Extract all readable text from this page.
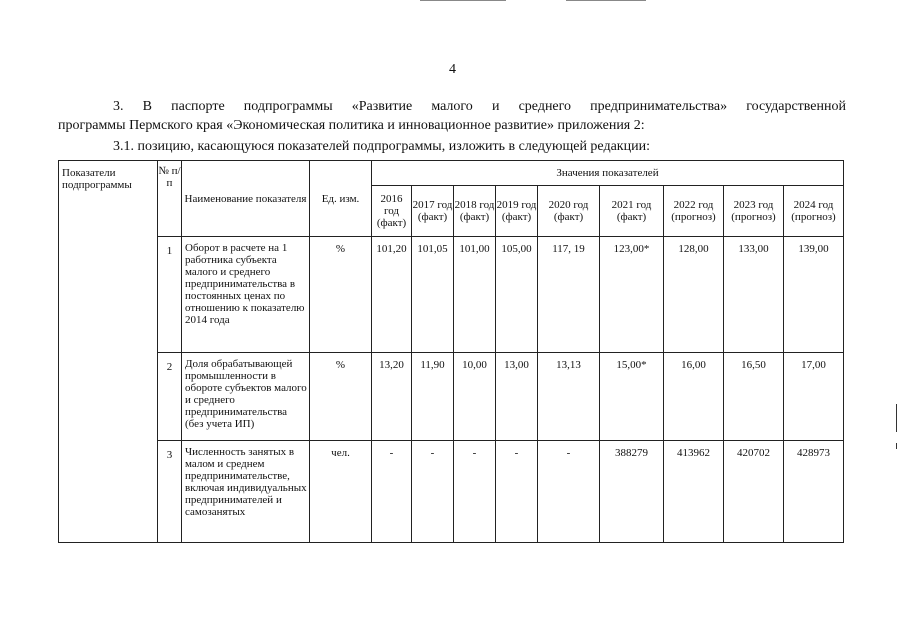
4
3. В паспорте подпрограммы «Развитие малого и среднего предпринимательства» государственной
программы Пермского края «Экономическая политика и инновационное развитие» приложения 2:
3.1. позицию, касающуюся показателей подпрограммы, изложить в следующей редакции:
Показатели подпрограммы	№ п/п	Наименование показателя	Ед. изм.	Значения показателей								
				2016 год (факт)	2017 год (факт)	2018 год (факт)	2019 год (факт)	2020 год (факт)	2021 год (факт)	2022 год (прогноз)	2023 год (прогноз)	2024 год (прогноз)
	1	Оборот в расчете на 1 работника субъекта малого и среднего предпринимательства в постоянных ценах по отношению к показателю 2014 года	%	101,20	101,05	101,00	105,00	117, 19	123,00*	128,00	133,00	139,00
	2	Доля обрабатывающей промышленности в обороте субъектов малого и среднего предпринимательства (без учета ИП)	%	13,20	11,90	10,00	13,00	13,13	15,00*	16,00	16,50	17,00
	3	Численность занятых в малом и среднем предпринимательстве, включая индивидуальных предпринимателей и самозанятых	чел.	-	-	-	-	-	388279	413962	420702	428973
